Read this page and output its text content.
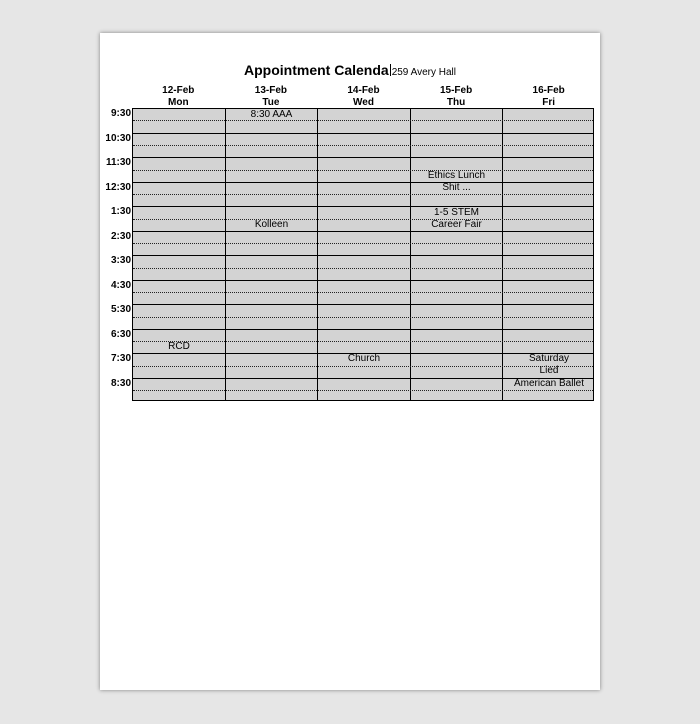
Appointment Calenda 259 Avery Hall
12-Feb
Mon
13-Feb
Tue
14-Feb
Wed
15-Feb
Thu
16-Feb
Fri
9:30
10:30
11:30
12:30
1:30
2:30
3:30
4:30
5:30
6:30
7:30
8:30
8:30 AAA
Kolleen
Ethics Lunch
Shit ...
1-5 STEM
Career Fair
RCD
Church	Saturday
Lied
American Ballet
